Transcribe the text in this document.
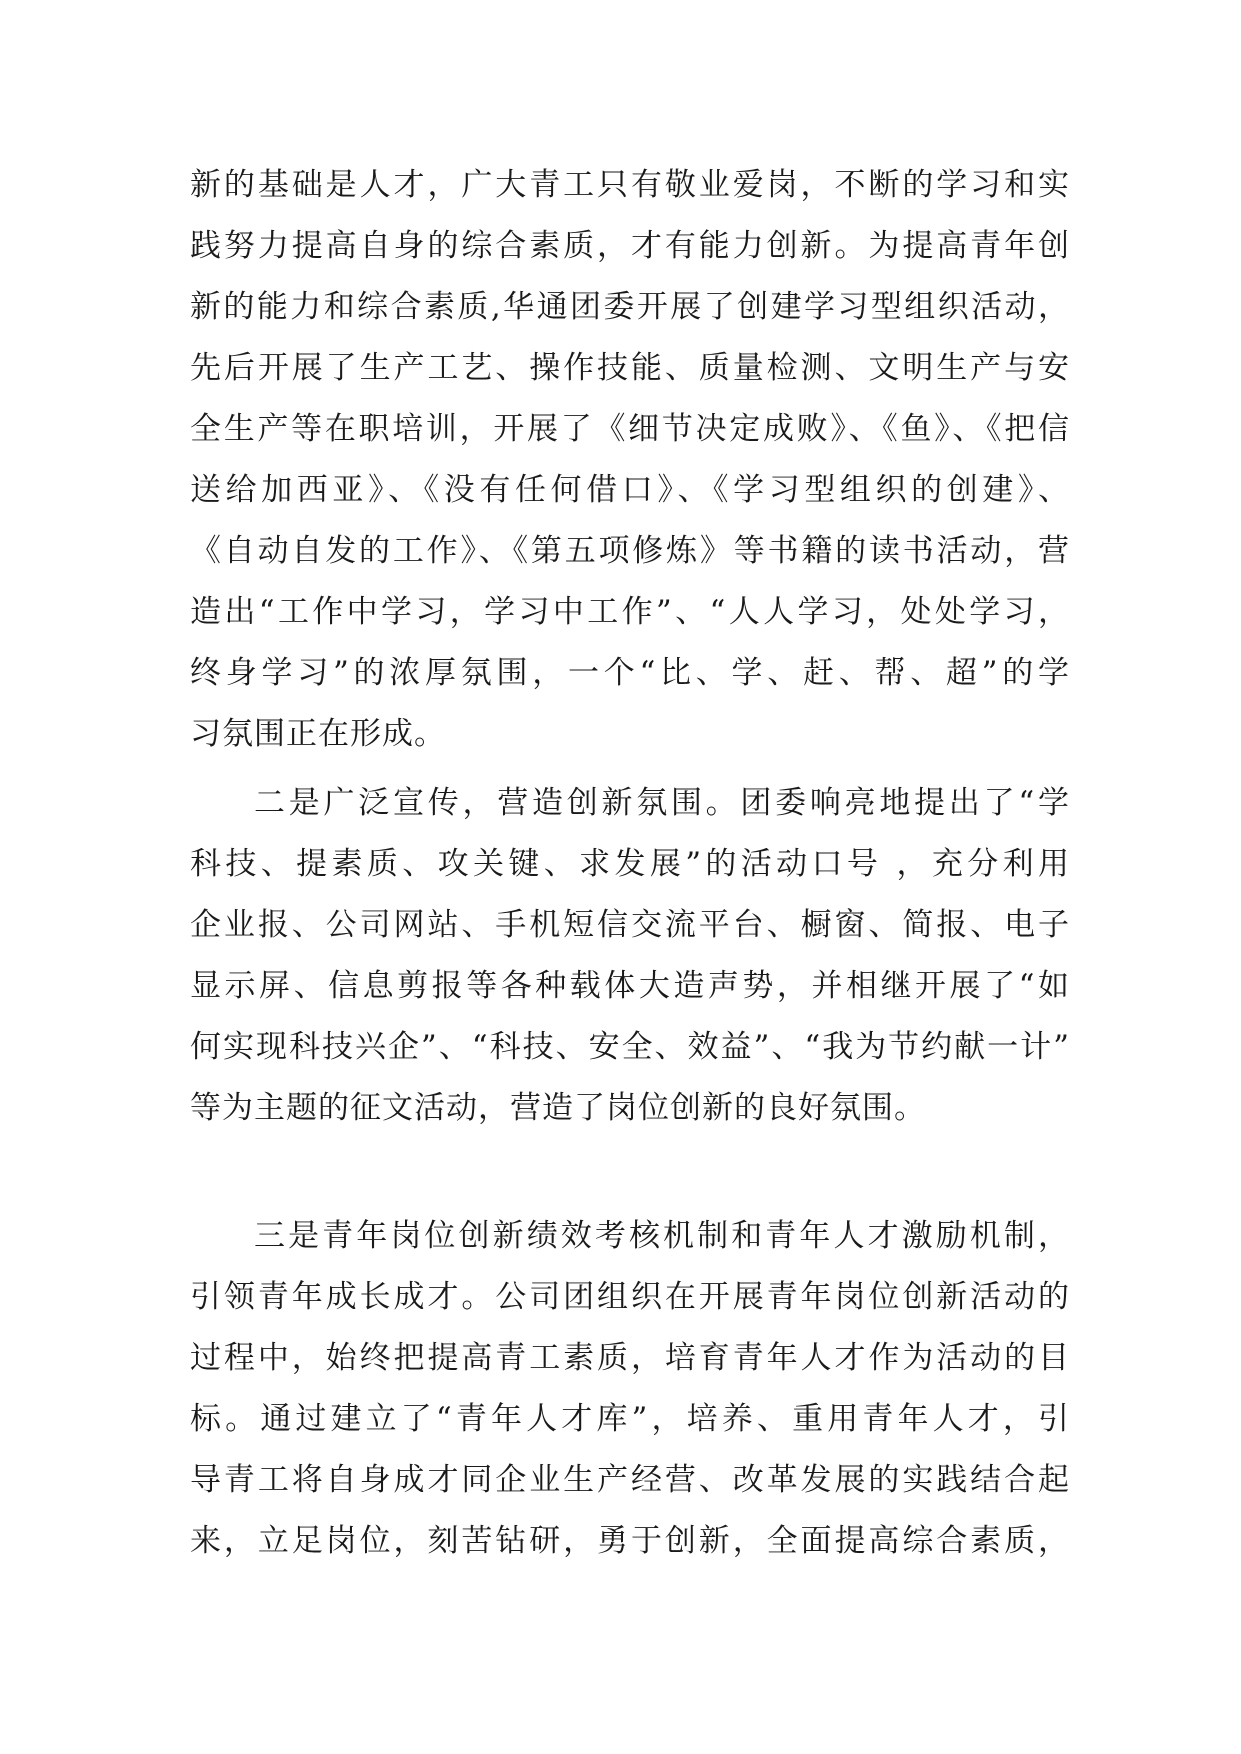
新的基础是人才，广大青工只有敬业爱岗，不断的学习和实
践努力提高自身的综合素质，才有能力创新。为提高青年创
新的能力和综合素质,华通团委开展了创建学习型组织活动，
先后开展了生产工艺、操作技能、质量检测、文明生产与安
全生产等在职培训，开展了《细节决定成败》、《鱼》、《把信
送给加西亚》、《没有任何借口》、《学习型组织的创建》、
《自动自发的工作》、《第五项修炼》等书籍的读书活动，营
造出“工作中学习，学习中工作”、“人人学习，处处学习，
终身学习”的浓厚氛围，一个“比、学、赶、帮、超”的学
习氛围正在形成。
二是广泛宣传，营造创新氛围。团委响亮地提出了“学
科技、提素质、攻关键、求发展”的活动口号 ，充分利用
企业报、公司网站、手机短信交流平台、橱窗、简报、电子
显示屏、信息剪报等各种载体大造声势，并相继开展了“如
何实现科技兴企”、“科技、安全、效益”、“我为节约献一计”
等为主题的征文活动，营造了岗位创新的良好氛围。
三是青年岗位创新绩效考核机制和青年人才激励机制，
引领青年成长成才。公司团组织在开展青年岗位创新活动的
过程中，始终把提高青工素质，培育青年人才作为活动的目
标。通过建立了“青年人才库”，培养、重用青年人才，引
导青工将自身成才同企业生产经营、改革发展的实践结合起
来，立足岗位，刻苦钻研，勇于创新，全面提高综合素质，
